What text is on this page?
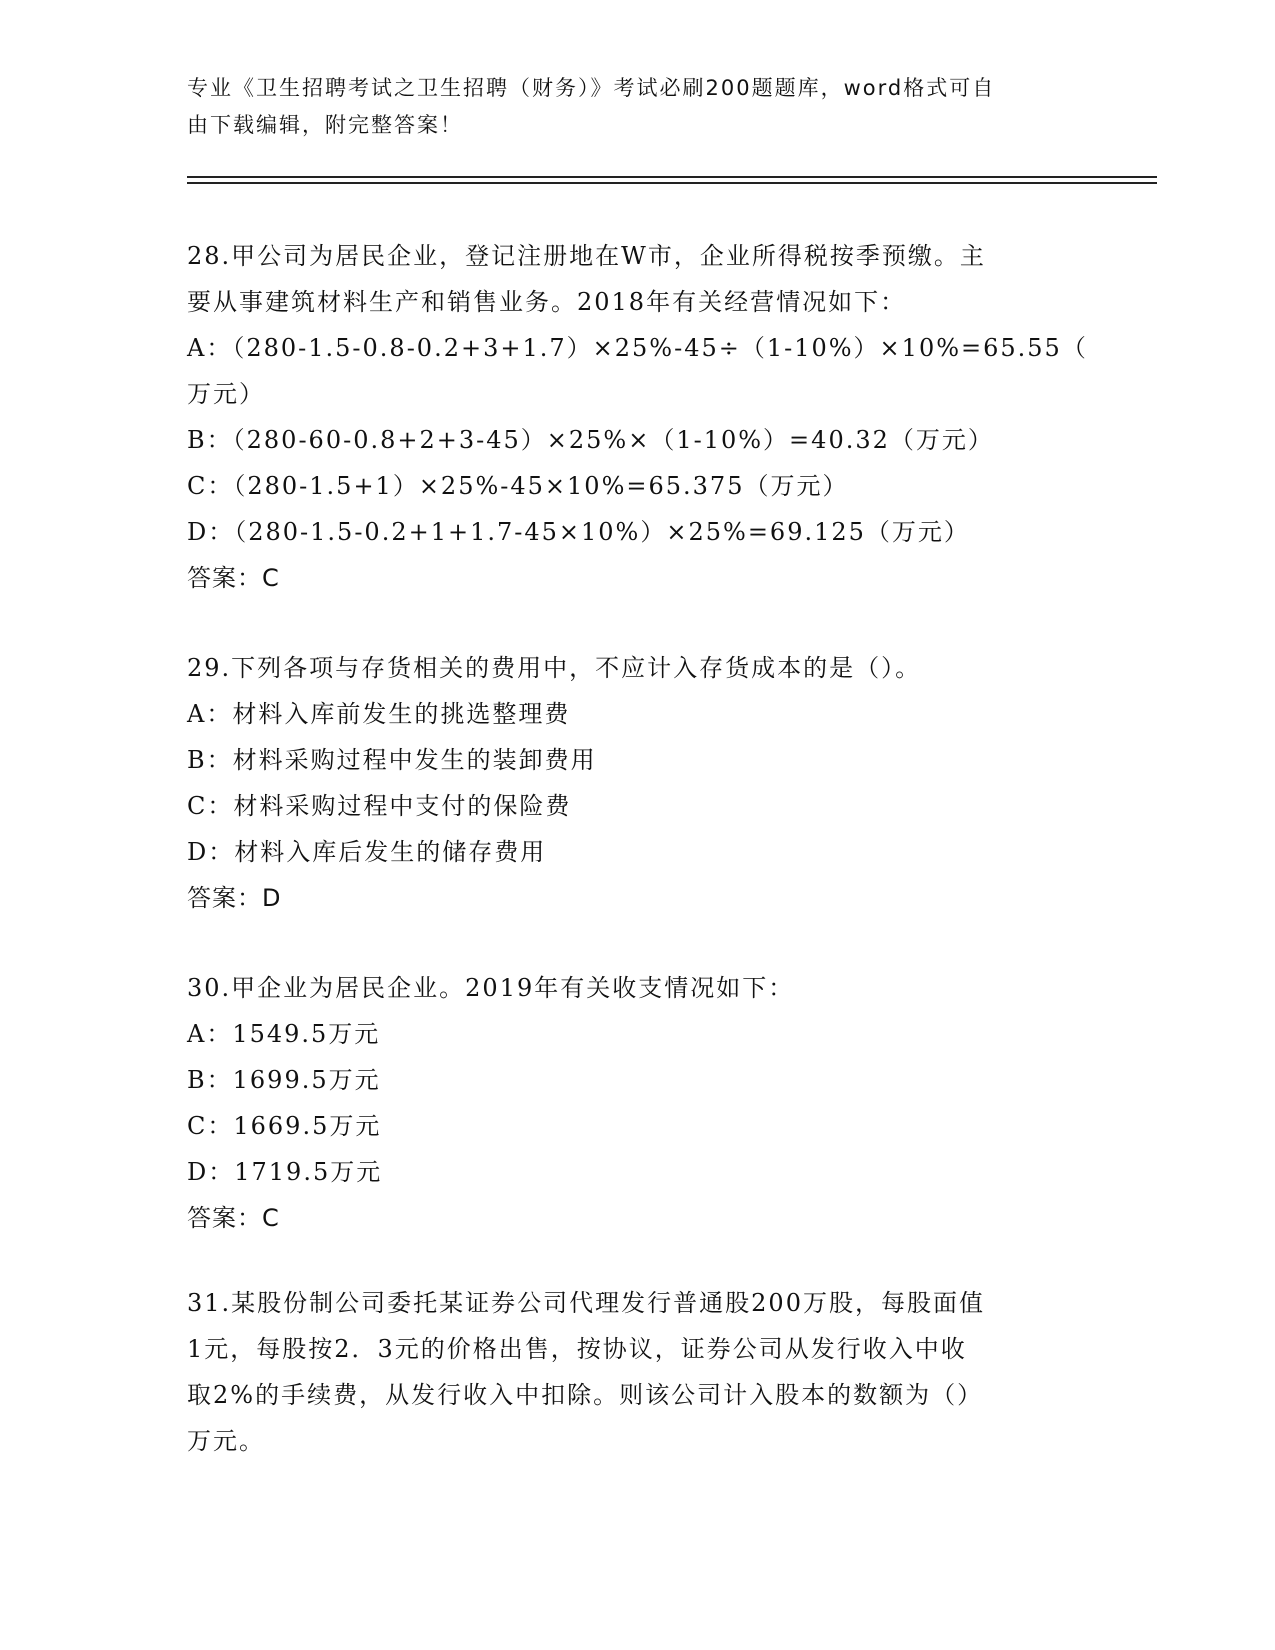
专业《卫生招聘考试之卫生招聘（财务）》考试必刷200题题库，word格式可自
由下载编辑，附完整答案！

28.甲公司为居民企业，登记注册地在W市，企业所得税按季预缴。主

要从事建筑材料生产和销售业务。2018年有关经营情况如下：

A：（280-1.5-0.8-0.2+3+1.7）×25%-45÷（1-10%）×10%=65.55（

万元）

B：（280-60-0.8+2+3-45）×25%×（1-10%）=40.32（万元）

C：（280-1.5+1）×25%-45×10%=65.375（万元）

D：（280-1.5-0.2+1+1.7-45×10%）×25%=69.125（万元）

答案：C

29.下列各项与存货相关的费用中，不应计入存货成本的是（）。

A：材料入库前发生的挑选整理费

B：材料采购过程中发生的装卸费用

C：材料采购过程中支付的保险费

D：材料入库后发生的储存费用

答案：D

30.甲企业为居民企业。2019年有关收支情况如下：

A：1549.5万元

B：1699.5万元

C：1669.5万元

D：1719.5万元

答案：C

31.某股份制公司委托某证券公司代理发行普通股200万股，每股面值

1元，每股按2．3元的价格出售，按协议，证券公司从发行收入中收

取2%的手续费，从发行收入中扣除。则该公司计入股本的数额为（）

万元。
